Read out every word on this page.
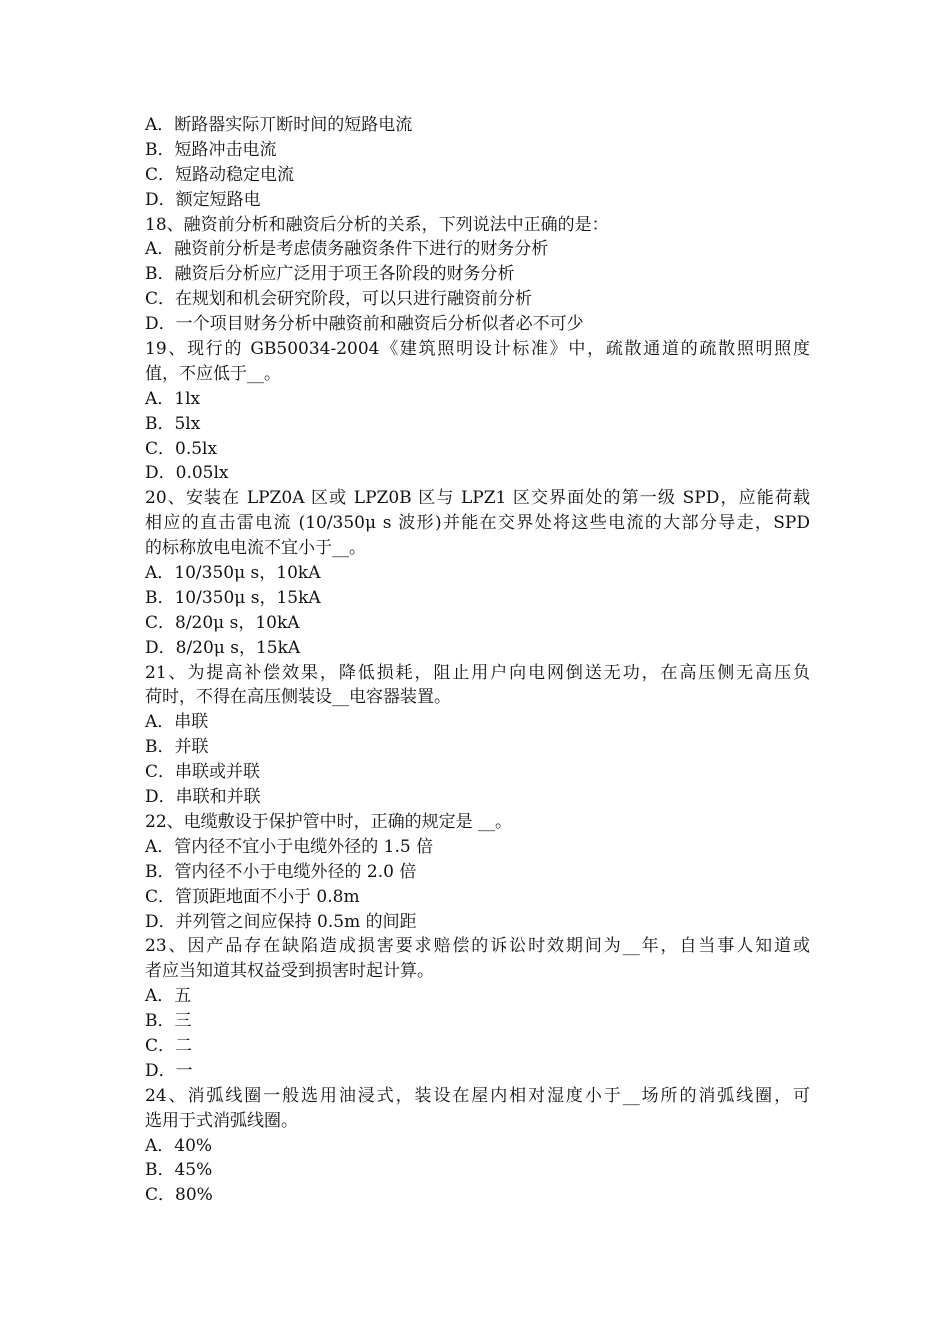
A．断路器实际丌断时间的短路电流
B．短路冲击电流
C．短路动稳定电流
D．额定短路电
18、融资前分析和融资后分析的关系，下列说法中正确的是：
A．融资前分析是考虑债务融资条件下进行的财务分析
B．融资后分析应广泛用于项王各阶段的财务分析
C．在规划和机会研究阶段，可以只进行融资前分析
D．一个项目财务分析中融资前和融资后分析似者必不可少
19、现行的 GB50034-2004《建筑照明设计标准》中，疏散通道的疏散照明照度
值，不应低于__。
A．1lx
B．5lx
C．0.5lx
D．0.05lx
20、安装在 LPZ0A 区或 LPZ0B 区与 LPZ1 区交界面处的第一级 SPD，应能荷载
相应的直击雷电流 (10/350μ s 波形)并能在交界处将这些电流的大部分导走，SPD
的标称放电电流不宜小于__。
A．10/350μ s，10kA
B．10/350μ s，15kA
C．8/20μ s，10kA
D．8/20μ s，15kA
21、为提高补偿效果，降低损耗，阻止用户向电网倒送无功，在高压侧无高压负
荷时，不得在高压侧装设__电容器装置。
A．串联
B．并联
C．串联或并联
D．串联和并联
22、电缆敷设于保护管中时，正确的规定是 __。
A．管内径不宜小于电缆外径的 1.5 倍
B．管内径不小于电缆外径的 2.0 倍
C．管顶距地面不小于 0.8m
D．并列管之间应保持 0.5m 的间距
23、因产品存在缺陷造成损害要求赔偿的诉讼时效期间为__年，自当事人知道或
者应当知道其权益受到损害时起计算。
A．五
B．三
C．二
D．一
24、消弧线圈一般选用油浸式，装设在屋内相对湿度小于__场所的消弧线圈，可
选用于式消弧线圈。
A．40%
B．45%
C．80%
